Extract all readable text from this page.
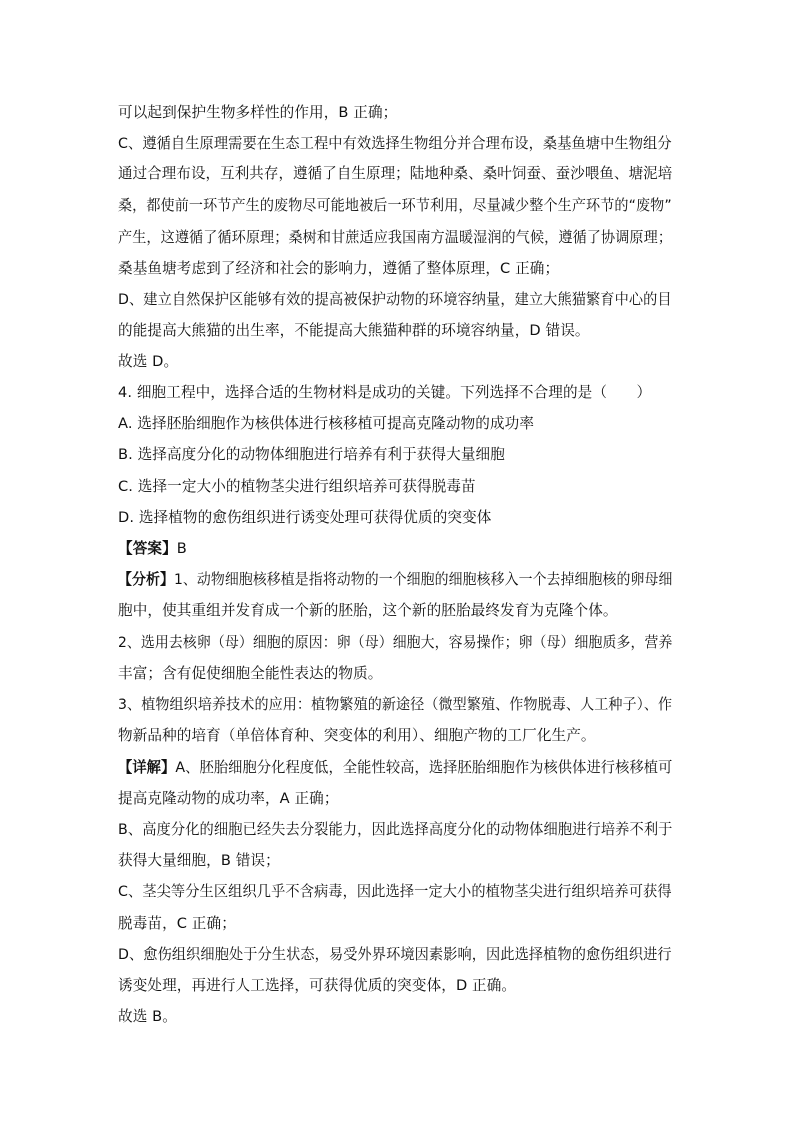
可以起到保护生物多样性的作用，B 正确；
C、遵循自生原理需要在生态工程中有效选择生物组分并合理布设，桑基鱼塘中生物组分
通过合理布设，互利共存，遵循了自生原理；陆地种桑、桑叶饲蚕、蚕沙喂鱼、塘泥培
桑，都使前一环节产生的废物尽可能地被后一环节利用，尽量减少整个生产环节的“废物”
产生，这遵循了循环原理；桑树和甘蔗适应我国南方温暖湿润的气候，遵循了协调原理；
桑基鱼塘考虑到了经济和社会的影响力，遵循了整体原理，C 正确；
D、建立自然保护区能够有效的提高被保护动物的环境容纳量，建立大熊猫繁育中心的目
的能提高大熊猫的出生率，不能提高大熊猫种群的环境容纳量，D 错误。
故选 D。
4. 细胞工程中，选择合适的生物材料是成功的关键。下列选择不合理的是（　　）
A. 选择胚胎细胞作为核供体进行核移植可提高克隆动物的成功率
B. 选择高度分化的动物体细胞进行培养有利于获得大量细胞
C. 选择一定大小的植物茎尖进行组织培养可获得脱毒苗
D. 选择植物的愈伤组织进行诱变处理可获得优质的突变体
【答案】B
【分析】1、动物细胞核移植是指将动物的一个细胞的细胞核移入一个去掉细胞核的卵母细
胞中，使其重组并发育成一个新的胚胎，这个新的胚胎最终发育为克隆个体。
2、选用去核卵（母）细胞的原因：卵（母）细胞大，容易操作；卵（母）细胞质多，营养
丰富；含有促使细胞全能性表达的物质。
3、植物组织培养技术的应用：植物繁殖的新途径（微型繁殖、作物脱毒、人工种子）、作
物新品种的培育（单倍体育种、突变体的利用）、细胞产物的工厂化生产。
【详解】A、胚胎细胞分化程度低，全能性较高，选择胚胎细胞作为核供体进行核移植可
提高克隆动物的成功率，A 正确；
B、高度分化的细胞已经失去分裂能力，因此选择高度分化的动物体细胞进行培养不利于
获得大量细胞，B 错误；
C、茎尖等分生区组织几乎不含病毒，因此选择一定大小的植物茎尖进行组织培养可获得
脱毒苗，C 正确；
D、愈伤组织细胞处于分生状态，易受外界环境因素影响，因此选择植物的愈伤组织进行
诱变处理，再进行人工选择，可获得优质的突变体，D 正确。
故选 B。
